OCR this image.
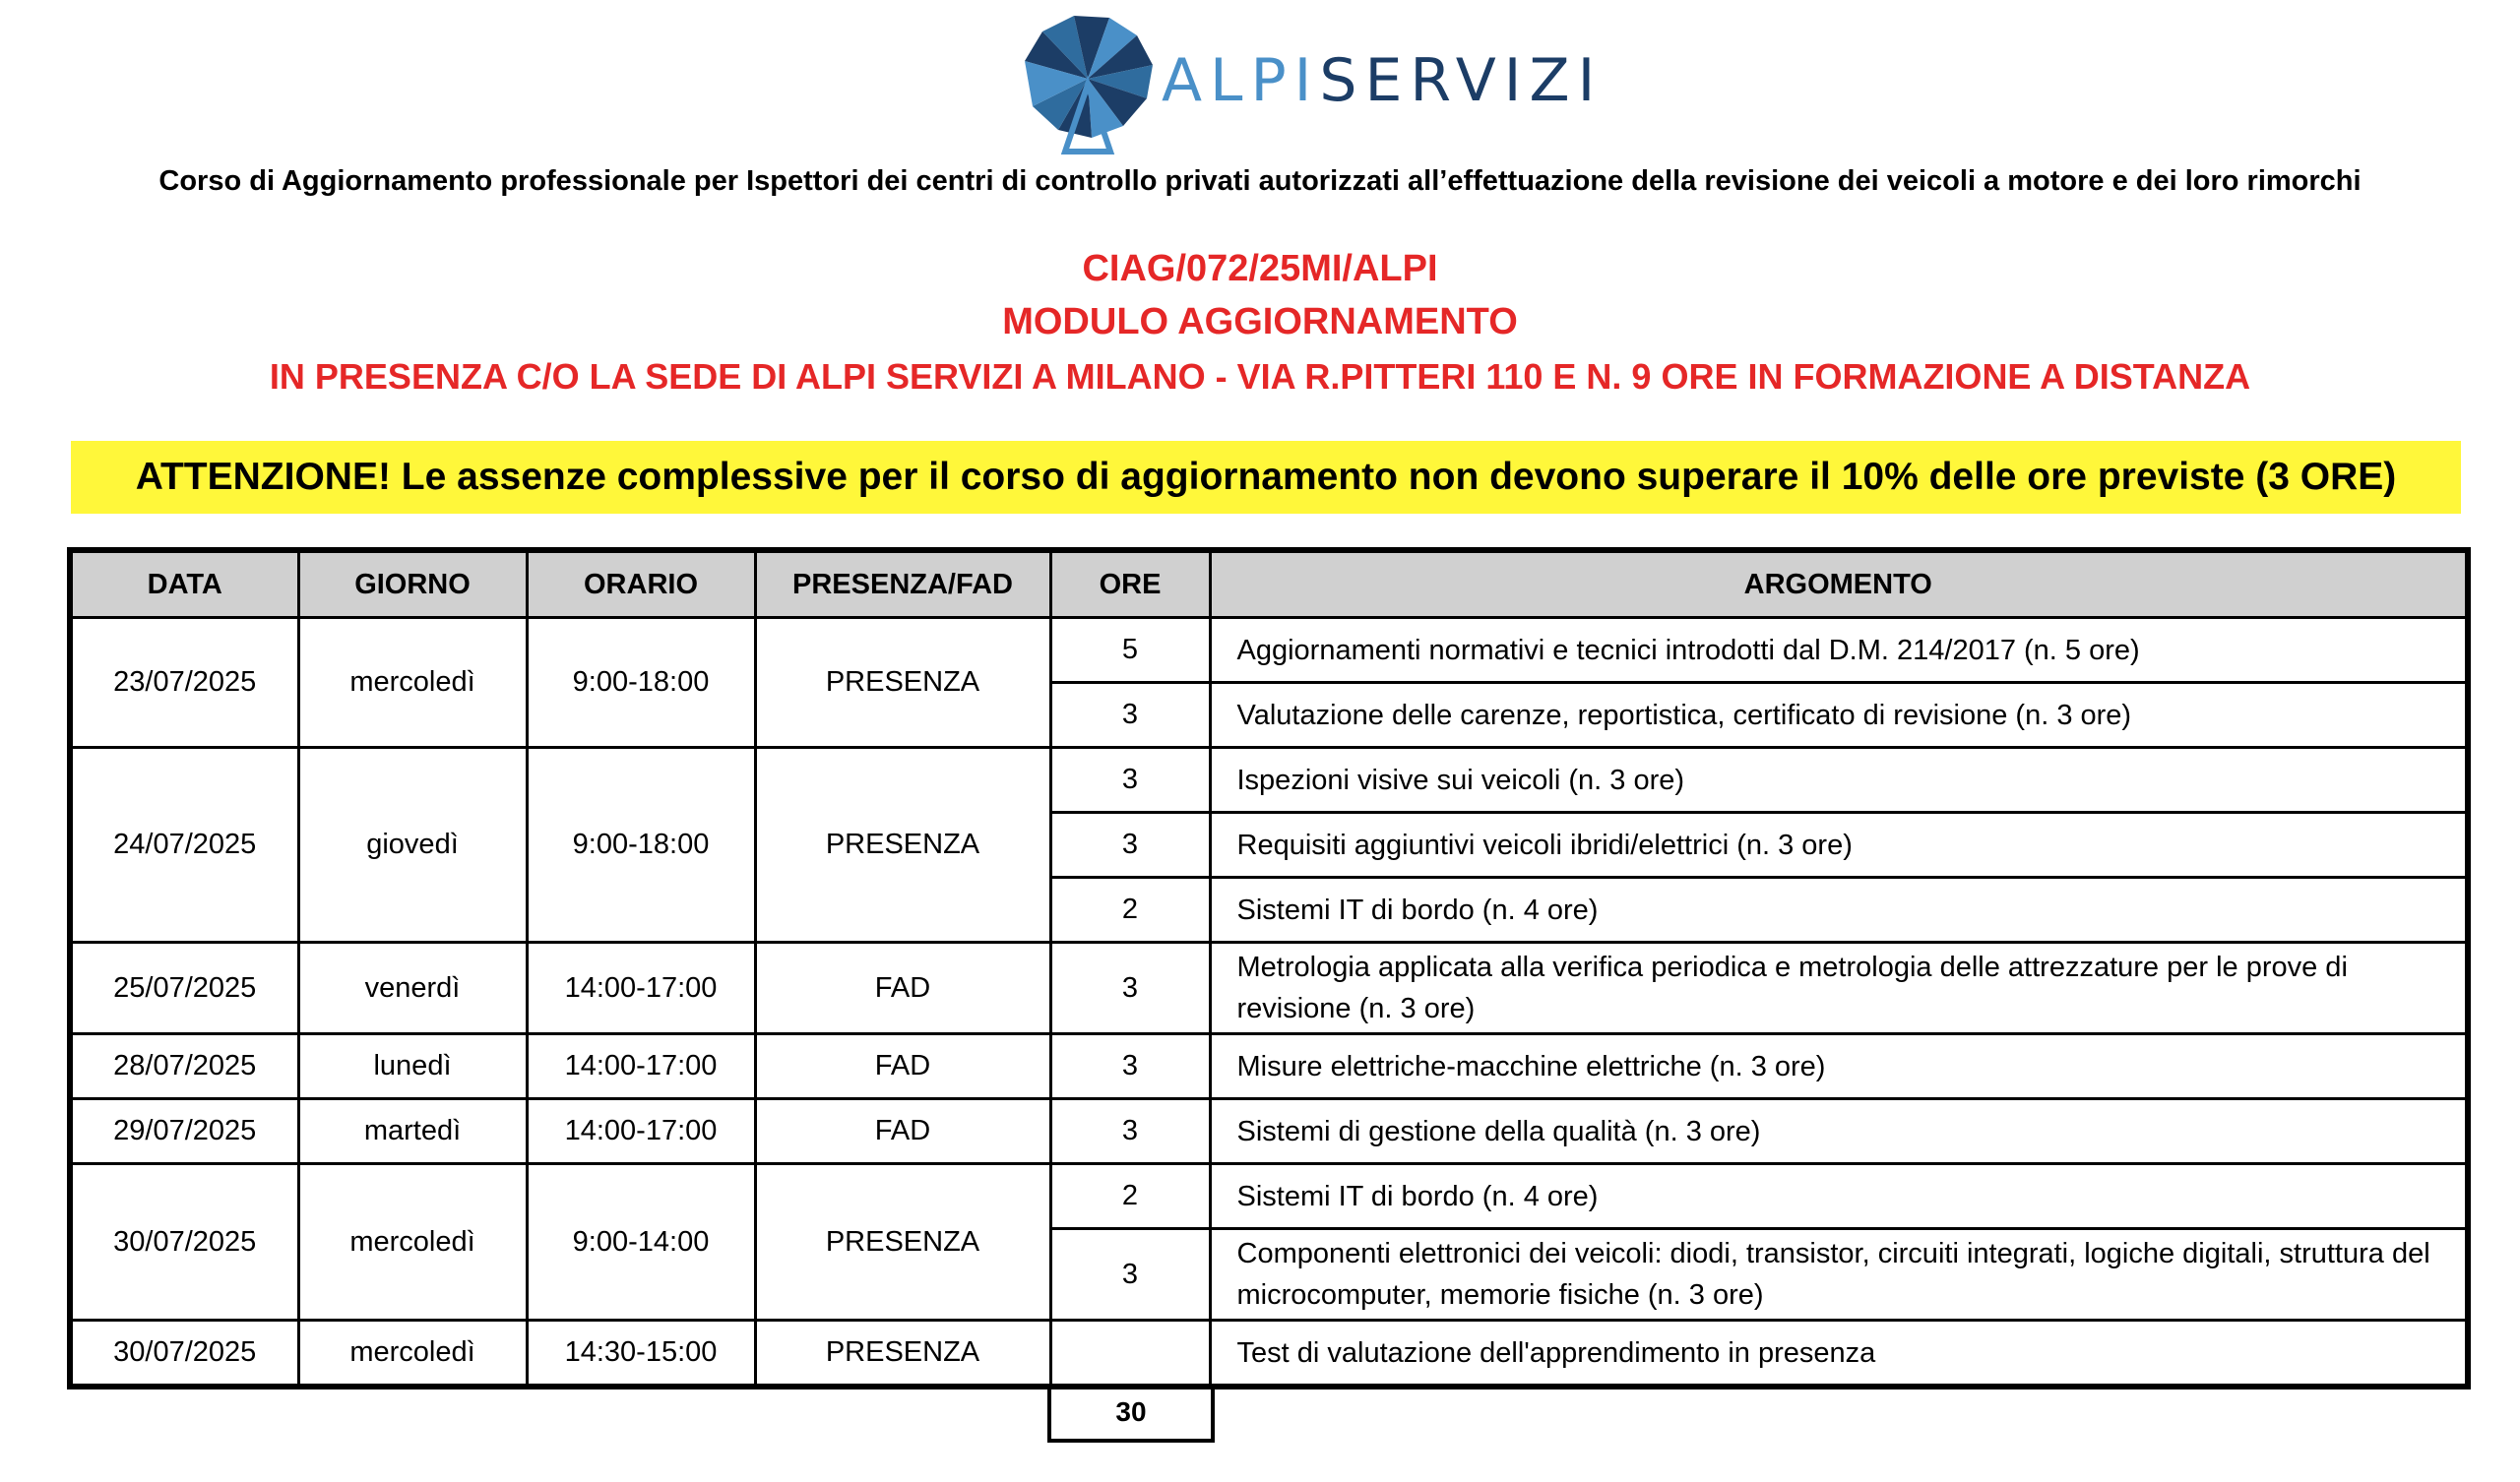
ALPISERVIZI
Corso di Aggiornamento professionale per Ispettori dei centri di controllo privati autorizzati all’effettuazione della revisione dei veicoli a motore e dei loro rimorchi
CIAG/072/25MI/ALPI
MODULO AGGIORNAMENTO
IN PRESENZA C/O LA SEDE DI ALPI SERVIZI A MILANO - VIA R.PITTERI 110 E N. 9 ORE IN FORMAZIONE A DISTANZA
ATTENZIONE! Le assenze complessive per il corso di aggiornamento non devono superare il 10% delle ore previste (3 ORE)
DATA	GIORNO	ORARIO	PRESENZA/FAD	ORE	ARGOMENTO
23/07/2025	mercoledì	9:00-18:00	PRESENZA	5	Aggiornamenti normativi e tecnici introdotti dal D.M. 214/2017 (n. 5 ore)
				3	Valutazione delle carenze, reportistica, certificato di revisione (n. 3 ore)
24/07/2025	giovedì	9:00-18:00	PRESENZA	3	Ispezioni visive sui veicoli (n. 3 ore)
				3	Requisiti aggiuntivi veicoli ibridi/elettrici (n. 3 ore)
				2	Sistemi IT di bordo (n. 4 ore)
25/07/2025	venerdì	14:00-17:00	FAD	3	Metrologia applicata alla verifica periodica e metrologia delle attrezzature per le prove di revisione (n. 3 ore)
28/07/2025	lunedì	14:00-17:00	FAD	3	Misure elettriche-macchine elettriche (n. 3 ore)
29/07/2025	martedì	14:00-17:00	FAD	3	Sistemi di gestione della qualità (n. 3 ore)
30/07/2025	mercoledì	9:00-14:00	PRESENZA	2	Sistemi IT di bordo (n. 4 ore)
				3	Componenti elettronici dei veicoli: diodi, transistor, circuiti integrati, logiche digitali, struttura del microcomputer, memorie fisiche (n. 3 ore)
30/07/2025	mercoledì	14:30-15:00	PRESENZA		Test di valutazione dell'apprendimento in presenza
30
